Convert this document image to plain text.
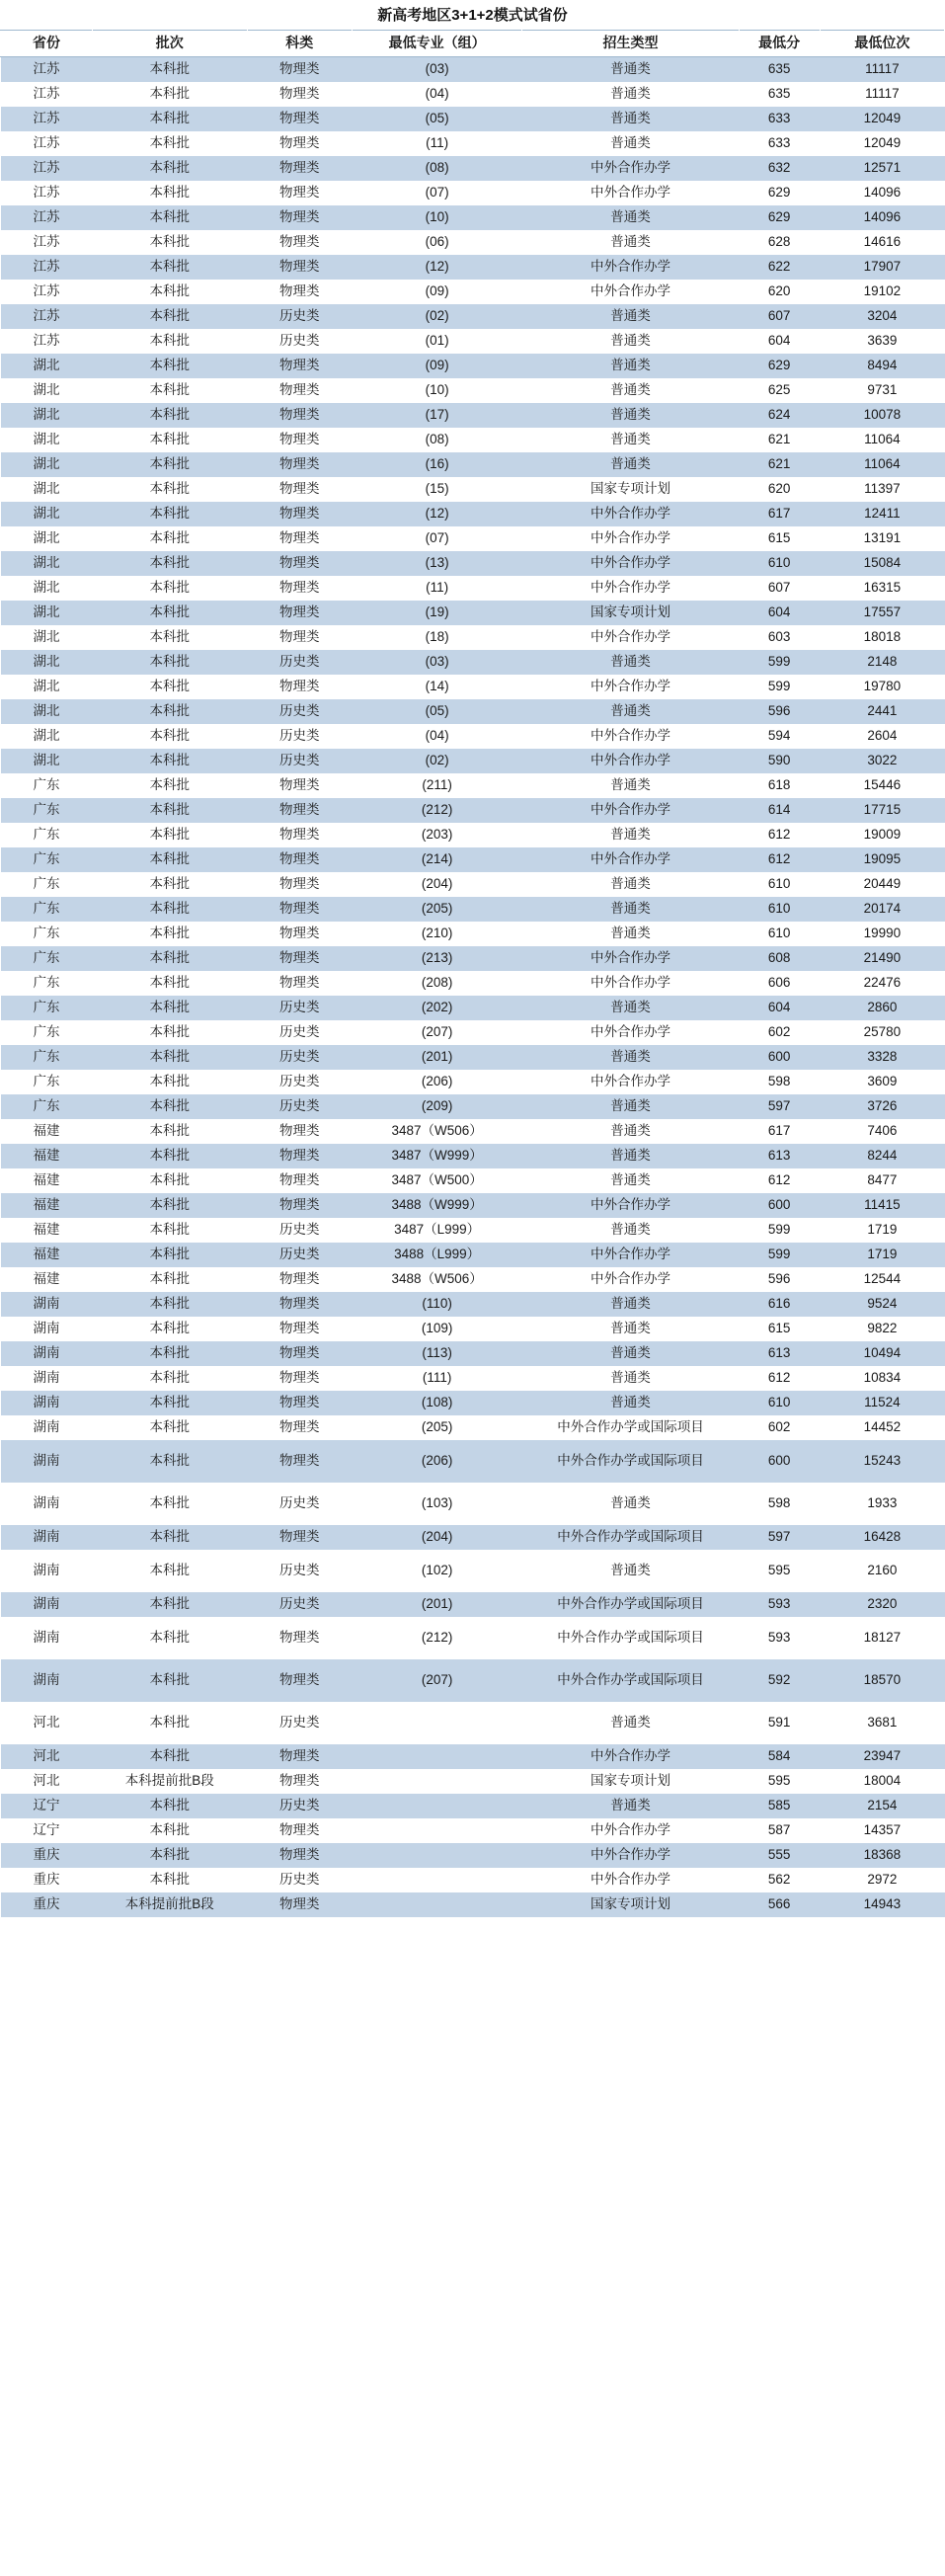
新高考地区3+1+2模式试省份
省份	批次	科类	最低专业（组）	招生类型	最低分	最低位次
江苏	本科批	物理类	(03)	普通类	635	11117
江苏	本科批	物理类	(04)	普通类	635	11117
江苏	本科批	物理类	(05)	普通类	633	12049
江苏	本科批	物理类	(11)	普通类	633	12049
江苏	本科批	物理类	(08)	中外合作办学	632	12571
江苏	本科批	物理类	(07)	中外合作办学	629	14096
江苏	本科批	物理类	(10)	普通类	629	14096
江苏	本科批	物理类	(06)	普通类	628	14616
江苏	本科批	物理类	(12)	中外合作办学	622	17907
江苏	本科批	物理类	(09)	中外合作办学	620	19102
江苏	本科批	历史类	(02)	普通类	607	3204
江苏	本科批	历史类	(01)	普通类	604	3639
湖北	本科批	物理类	(09)	普通类	629	8494
湖北	本科批	物理类	(10)	普通类	625	9731
湖北	本科批	物理类	(17)	普通类	624	10078
湖北	本科批	物理类	(08)	普通类	621	11064
湖北	本科批	物理类	(16)	普通类	621	11064
湖北	本科批	物理类	(15)	国家专项计划	620	11397
湖北	本科批	物理类	(12)	中外合作办学	617	12411
湖北	本科批	物理类	(07)	中外合作办学	615	13191
湖北	本科批	物理类	(13)	中外合作办学	610	15084
湖北	本科批	物理类	(11)	中外合作办学	607	16315
湖北	本科批	物理类	(19)	国家专项计划	604	17557
湖北	本科批	物理类	(18)	中外合作办学	603	18018
湖北	本科批	历史类	(03)	普通类	599	2148
湖北	本科批	物理类	(14)	中外合作办学	599	19780
湖北	本科批	历史类	(05)	普通类	596	2441
湖北	本科批	历史类	(04)	中外合作办学	594	2604
湖北	本科批	历史类	(02)	中外合作办学	590	3022
广东	本科批	物理类	(211)	普通类	618	15446
广东	本科批	物理类	(212)	中外合作办学	614	17715
广东	本科批	物理类	(203)	普通类	612	19009
广东	本科批	物理类	(214)	中外合作办学	612	19095
广东	本科批	物理类	(204)	普通类	610	20449
广东	本科批	物理类	(205)	普通类	610	20174
广东	本科批	物理类	(210)	普通类	610	19990
广东	本科批	物理类	(213)	中外合作办学	608	21490
广东	本科批	物理类	(208)	中外合作办学	606	22476
广东	本科批	历史类	(202)	普通类	604	2860
广东	本科批	历史类	(207)	中外合作办学	602	25780
广东	本科批	历史类	(201)	普通类	600	3328
广东	本科批	历史类	(206)	中外合作办学	598	3609
广东	本科批	历史类	(209)	普通类	597	3726
福建	本科批	物理类	3487（W506）	普通类	617	7406
福建	本科批	物理类	3487（W999）	普通类	613	8244
福建	本科批	物理类	3487（W500）	普通类	612	8477
福建	本科批	物理类	3488（W999）	中外合作办学	600	11415
福建	本科批	历史类	3487（L999）	普通类	599	1719
福建	本科批	历史类	3488（L999）	中外合作办学	599	1719
福建	本科批	物理类	3488（W506）	中外合作办学	596	12544
湖南	本科批	物理类	(110)	普通类	616	9524
湖南	本科批	物理类	(109)	普通类	615	9822
湖南	本科批	物理类	(113)	普通类	613	10494
湖南	本科批	物理类	(111)	普通类	612	10834
湖南	本科批	物理类	(108)	普通类	610	11524
湖南	本科批	物理类	(205)	中外合作办学或国际项目	602	14452
湖南	本科批	物理类	(206)	中外合作办学或国际项目	600	15243
湖南	本科批	历史类	(103)	普通类	598	1933
湖南	本科批	物理类	(204)	中外合作办学或国际项目	597	16428
湖南	本科批	历史类	(102)	普通类	595	2160
湖南	本科批	历史类	(201)	中外合作办学或国际项目	593	2320
湖南	本科批	物理类	(212)	中外合作办学或国际项目	593	18127
湖南	本科批	物理类	(207)	中外合作办学或国际项目	592	18570
河北	本科批	历史类		普通类	591	3681
河北	本科批	物理类		中外合作办学	584	23947
河北	本科提前批B段	物理类		国家专项计划	595	18004
辽宁	本科批	历史类		普通类	585	2154
辽宁	本科批	物理类		中外合作办学	587	14357
重庆	本科批	物理类		中外合作办学	555	18368
重庆	本科批	历史类		中外合作办学	562	2972
重庆	本科提前批B段	物理类		国家专项计划	566	14943
